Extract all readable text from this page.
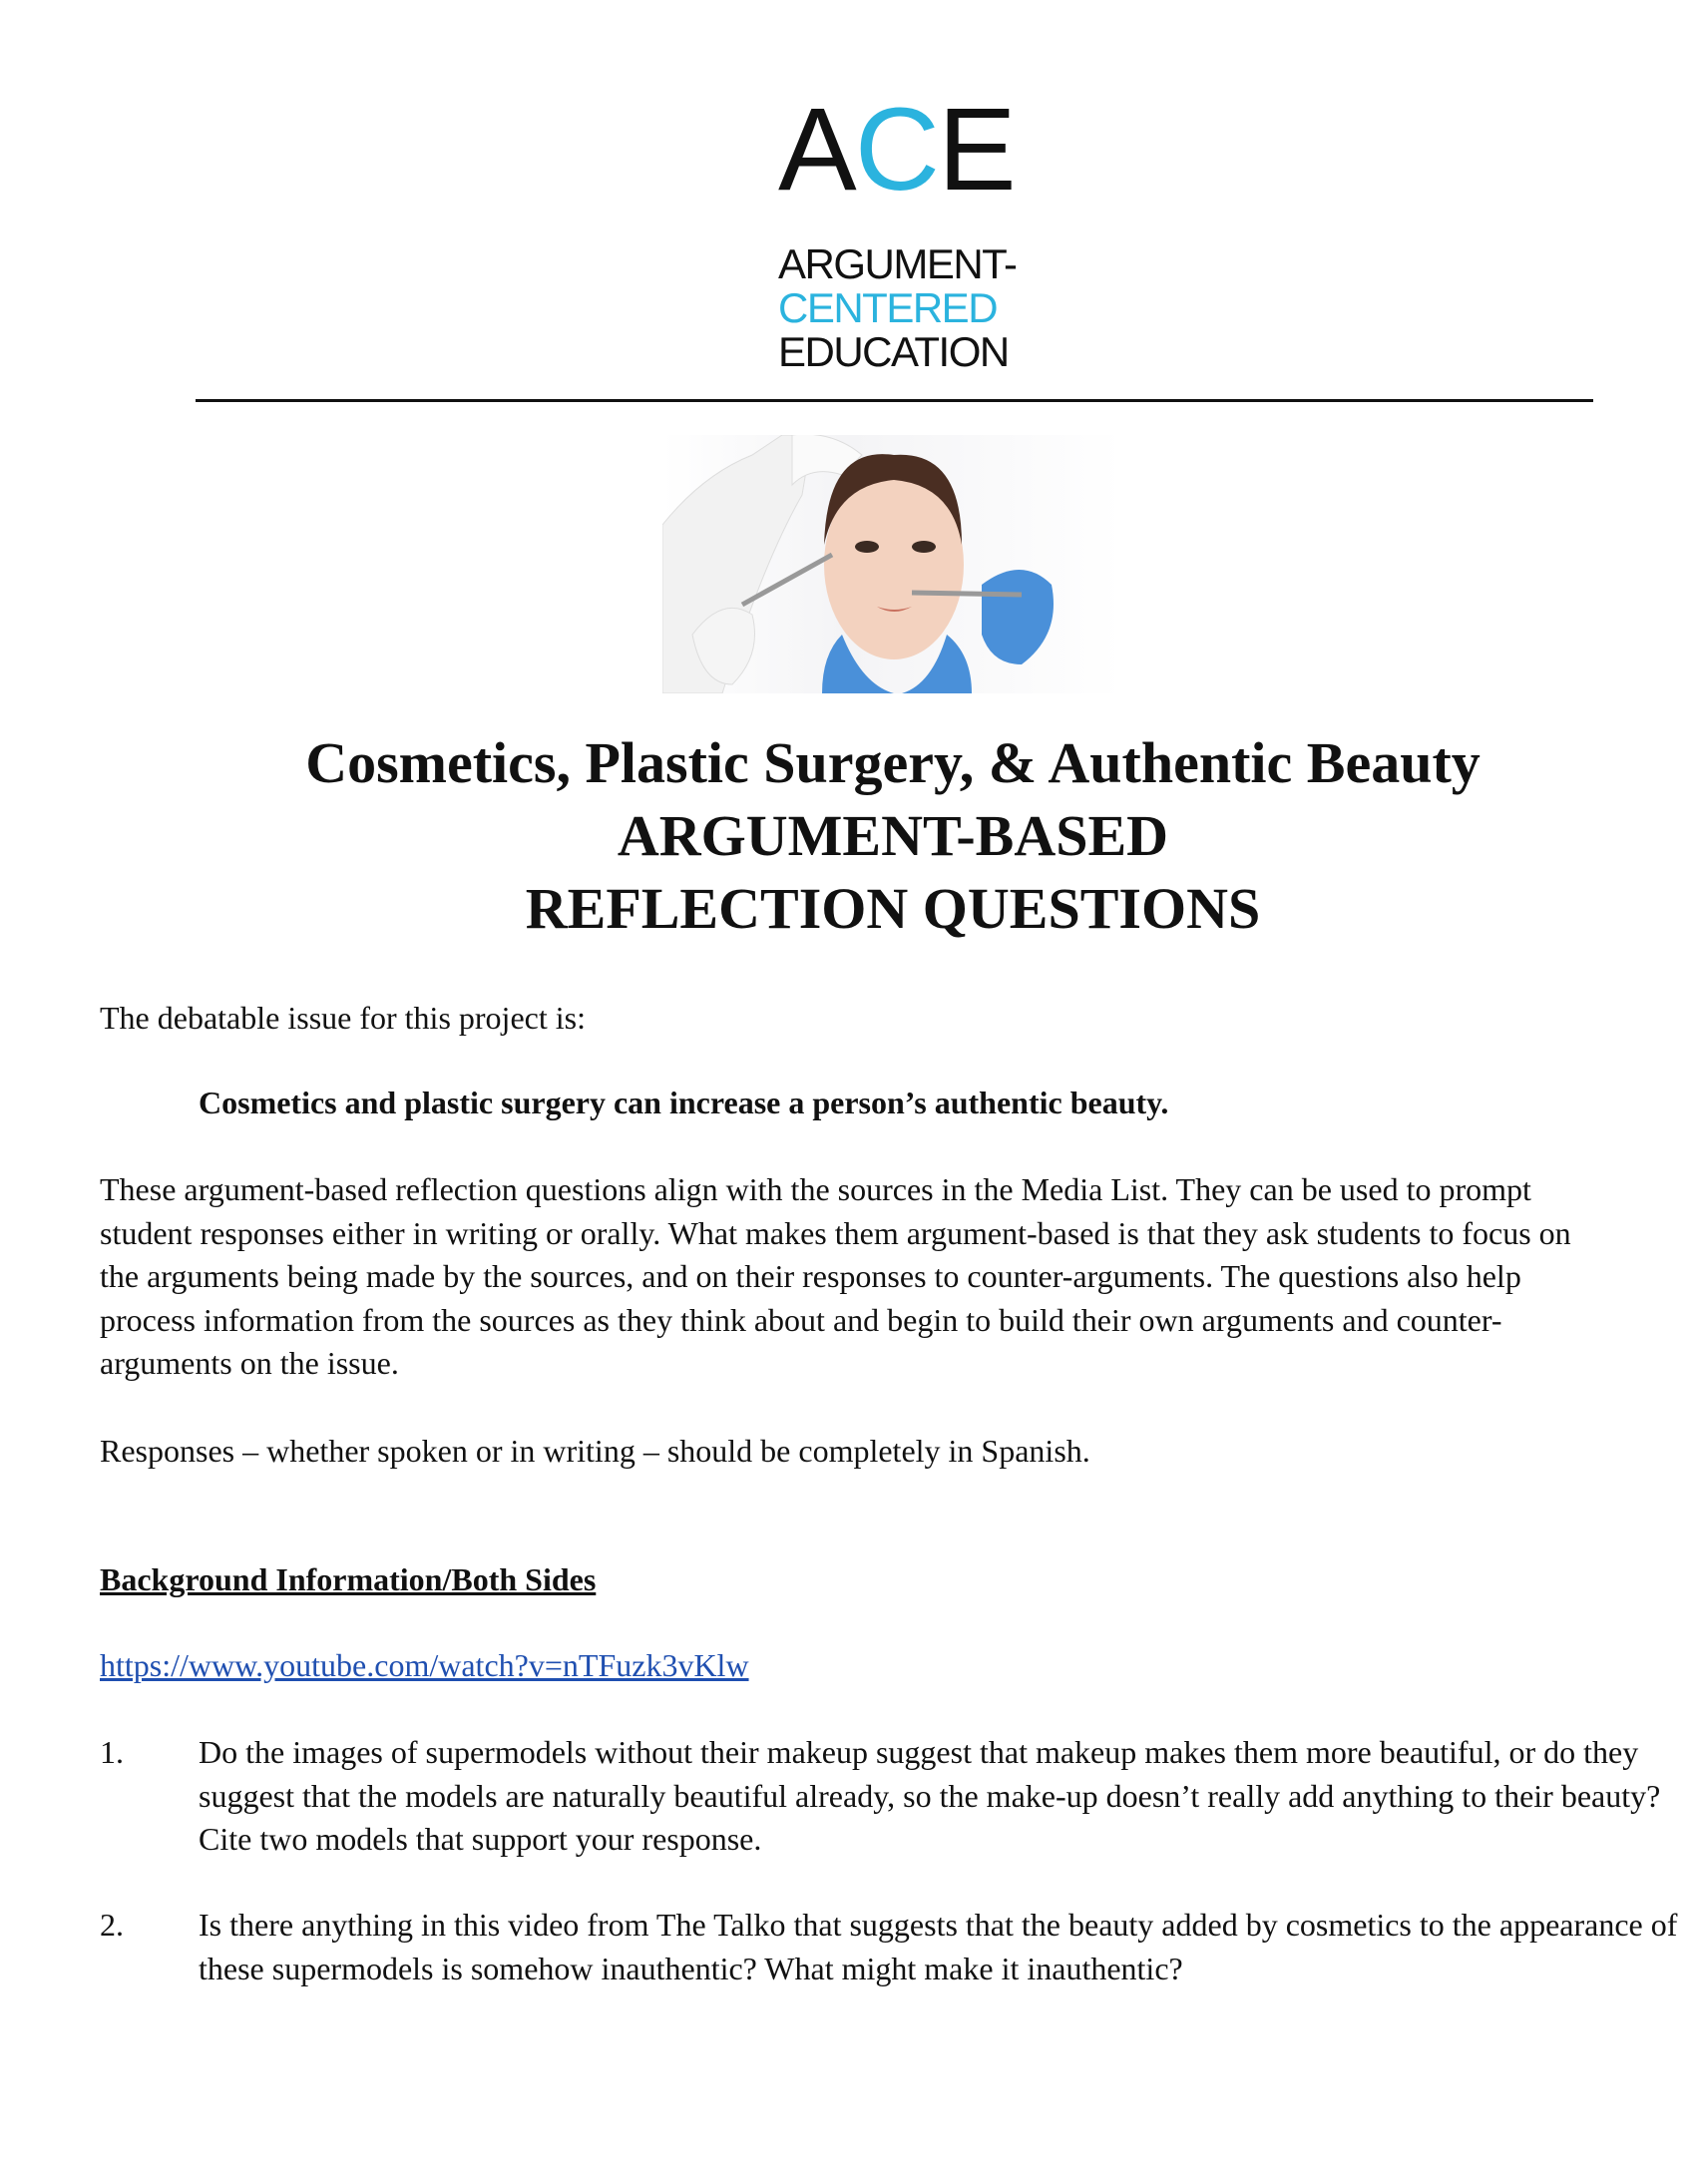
ACE
ARGUMENT-
CENTERED
EDUCATION
Cosmetics, Plastic Surgery, & Authentic Beauty
ARGUMENT-BASED
REFLECTION QUESTIONS
The debatable issue for this project is:
Cosmetics and plastic surgery can increase a person’s authentic beauty.
These argument-based reflection questions align with the sources in the Media List. They can be used to prompt student responses either in writing or orally. What makes them argument-based is that they ask students to focus on the arguments being made by the sources, and on their responses to counter-arguments. The questions also help process information from the sources as they think about and begin to build their own arguments and counter-arguments on the issue.
Responses – whether spoken or in writing – should be completely in Spanish.
Background Information/Both Sides
https://www.youtube.com/watch?v=nTFuzk3vKlw
1. Do the images of supermodels without their makeup suggest that makeup makes them more beautiful, or do they suggest that the models are naturally beautiful already, so the make-up doesn’t really add anything to their beauty? Cite two models that support your response.
2. Is there anything in this video from The Talko that suggests that the beauty added by cosmetics to the appearance of these supermodels is somehow inauthentic? What might make it inauthentic?
